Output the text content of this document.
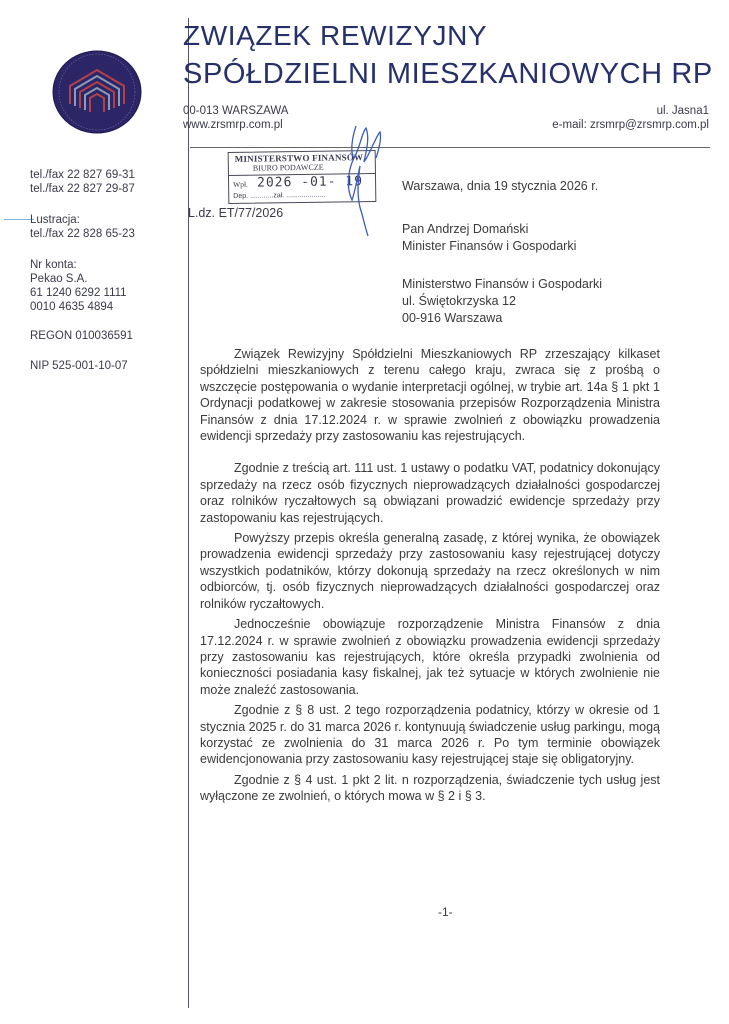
ZWIĄZEK REWIZYJNY
SPÓŁDZIELNI MIESZKANIOWYCH RP
00-013 WARSZAWA
www.zrsmrp.com.pl
ul. Jasna1
e-mail: zrsmrp@zrsmrp.com.pl
MINISTERSTWO FINANSÓW
BIURO PODAWCZE
Wpł. 2026 -01- 19
Dep. ............zał. ....................
tel./fax 22 827 69-31
tel./fax 22 827 29-87
Lustracja:
tel./fax 22 828 65-23
Nr konta:
Pekao S.A.
61 1240 6292 1111
0010 4635 4894
REGON 010036591
NIP 525-001-10-07
L.dz. ET/77/2026
Warszawa, dnia 19 stycznia 2026 r.
Pan Andrzej Domański
Minister Finansów i Gospodarki
Ministerstwo Finansów i Gospodarki
ul. Świętokrzyska 12
00-916 Warszawa

Związek Rewizyjny Spółdzielni Mieszkaniowych RP zrzeszający kilkaset spółdzielni mieszkaniowych z terenu całego kraju, zwraca się z prośbą o wszczęcie postępowania o wydanie interpretacji ogólnej, w trybie art. 14a § 1 pkt 1 Ordynacji podatkowej w zakresie stosowania przepisów Rozporządzenia Ministra Finansów z dnia 17.12.2024 r. w sprawie zwolnień z obowiązku prowadzenia ewidencji sprzedaży przy zastosowaniu kas rejestrujących.

Zgodnie z treścią art. 111 ust. 1 ustawy o podatku VAT, podatnicy dokonujący sprzedaży na rzecz osób fizycznych nieprowadzących działalności gospodarczej oraz rolników ryczałtowych są obwiązani prowadzić ewidencje sprzedaży przy zastopowaniu kas rejestrujących.

Powyższy przepis określa generalną zasadę, z której wynika, że obowiązek prowadzenia ewidencji sprzedaży przy zastosowaniu kasy rejestrującej dotyczy wszystkich podatników, którzy dokonują sprzedaży na rzecz określonych w nim odbiorców, tj. osób fizycznych nieprowadzących działalności gospodarczej oraz rolników ryczałtowych.

Jednocześnie obowiązuje rozporządzenie Ministra Finansów z dnia 17.12.2024 r. w sprawie zwolnień z obowiązku prowadzenia ewidencji sprzedaży przy zastosowaniu kas rejestrujących, które określa przypadki zwolnienia od konieczności posiadania kasy fiskalnej, jak też sytuacje w których zwolnienie nie może znaleźć zastosowania.

Zgodnie z § 8 ust. 2 tego rozporządzenia podatnicy, którzy w okresie od 1 stycznia 2025 r. do 31 marca 2026 r. kontynuują świadczenie usług parkingu, mogą korzystać ze zwolnienia do 31 marca 2026 r. Po tym terminie obowiązek ewidencjonowania przy zastosowaniu kasy rejestrującej staje się obligatoryjny.

Zgodnie z § 4 ust. 1 pkt 2 lit. n rozporządzenia, świadczenie tych usług jest wyłączone ze zwolnień, o których mowa w § 2 i § 3.

-1-
